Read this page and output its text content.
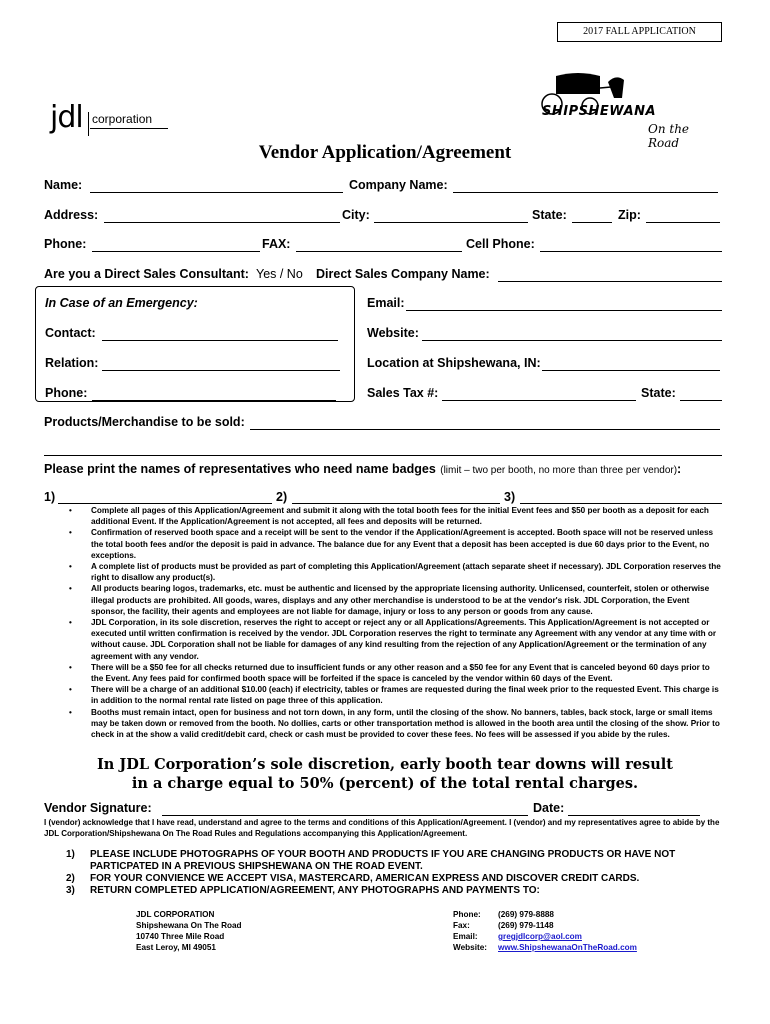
2017 FALL APPLICATION
jdl corporation	SHIPSHEWANA
On the Road
Vendor Application/Agreement
Name:	Company Name:
Address:	City:	State:	Zip:
Phone:	FAX:	Cell Phone:
Are you a Direct Sales Consultant: Yes / No Direct Sales Company Name:
In Case of an Emergency:
Contact:
Relation:
Phone:
Email:
Website:
Location at Shipshewana, IN:
Sales Tax #:	State:
Products/Merchandise to be sold:
Please print the names of representatives who need name badges (limit – two per booth, no more than three per vendor):
1)	2)	3)
• Complete all pages of this Application/Agreement and submit it along with the total booth fees for the initial Event fees and $50 per booth as a deposit for each additional Event. If the Application/Agreement is not accepted, all fees and deposits will be returned.
• Confirmation of reserved booth space and a receipt will be sent to the vendor if the Application/Agreement is accepted. Booth space will not be reserved unless the total booth fees and/or the deposit is paid in advance. The balance due for any Event that a deposit has been accepted is due 60 days prior to the Event, no exceptions.
• A complete list of products must be provided as part of completing this Application/Agreement (attach separate sheet if necessary). JDL Corporation reserves the right to disallow any product(s).
• All products bearing logos, trademarks, etc. must be authentic and licensed by the appropriate licensing authority. Unlicensed, counterfeit, stolen or otherwise illegal products are prohibited. All goods, wares, displays and any other merchandise is understood to be at the vendor's risk. JDL Corporation, the Event sponsor, the facility, their agents and employees are not liable for damage, injury or loss to any person or goods from any cause.
• JDL Corporation, in its sole discretion, reserves the right to accept or reject any or all Applications/Agreements. This Application/Agreement is not accepted or executed until written confirmation is received by the vendor. JDL Corporation reserves the right to terminate any Agreement with any vendor at any time with or without cause. JDL Corporation shall not be liable for damages of any kind resulting from the rejection of any Application/Agreement or the termination of any agreement with any vendor.
• There will be a $50 fee for all checks returned due to insufficient funds or any other reason and a $50 fee for any Event that is canceled beyond 60 days prior to the Event. Any fees paid for confirmed booth space will be forfeited if the space is canceled by the vendor within 60 days of the Event.
• There will be a charge of an additional $10.00 (each) if electricity, tables or frames are requested during the final week prior to the requested Event. This charge is in addition to the normal rental rate listed on page three of this application.
• Booths must remain intact, open for business and not torn down, in any form, until the closing of the show. No banners, tables, back stock, large or small items may be taken down or removed from the booth. No dollies, carts or other transportation method is allowed in the booth area until the closing of the show. Prior to check in at the show a valid credit/debit card, check or cash must be provided to cover these fees. No fees will be assessed if you abide by the rules.
In JDL Corporation’s sole discretion, early booth tear downs will result in a charge equal to 50% (percent) of the total rental charges.
Vendor Signature:	Date:
I (vendor) acknowledge that I have read, understand and agree to the terms and conditions of this Application/Agreement. I (vendor) and my representatives agree to abide by the JDL Corporation/Shipshewana On The Road Rules and Regulations accompanying this Application/Agreement.
1) PLEASE INCLUDE PHOTOGRAPHS OF YOUR BOOTH AND PRODUCTS IF YOU ARE CHANGING PRODUCTS OR HAVE NOT PARTICPATED IN A PREVIOUS SHIPSHEWANA ON THE ROAD EVENT.
2) FOR YOUR CONVIENCE WE ACCEPT VISA, MASTERCARD, AMERICAN EXPRESS AND DISCOVER CREDIT CARDS.
3) RETURN COMPLETED APPLICATION/AGREEMENT, ANY PHOTOGRAPHS AND PAYMENTS TO:
JDL CORPORATION
Shipshewana On The Road
10740 Three Mile Road
East Leroy, MI 49051
Phone:	(269) 979-8888
Fax:	(269) 979-1148
Email:	gregjdlcorp@aol.com
Website:	www.ShipshewanaOnTheRoad.com
